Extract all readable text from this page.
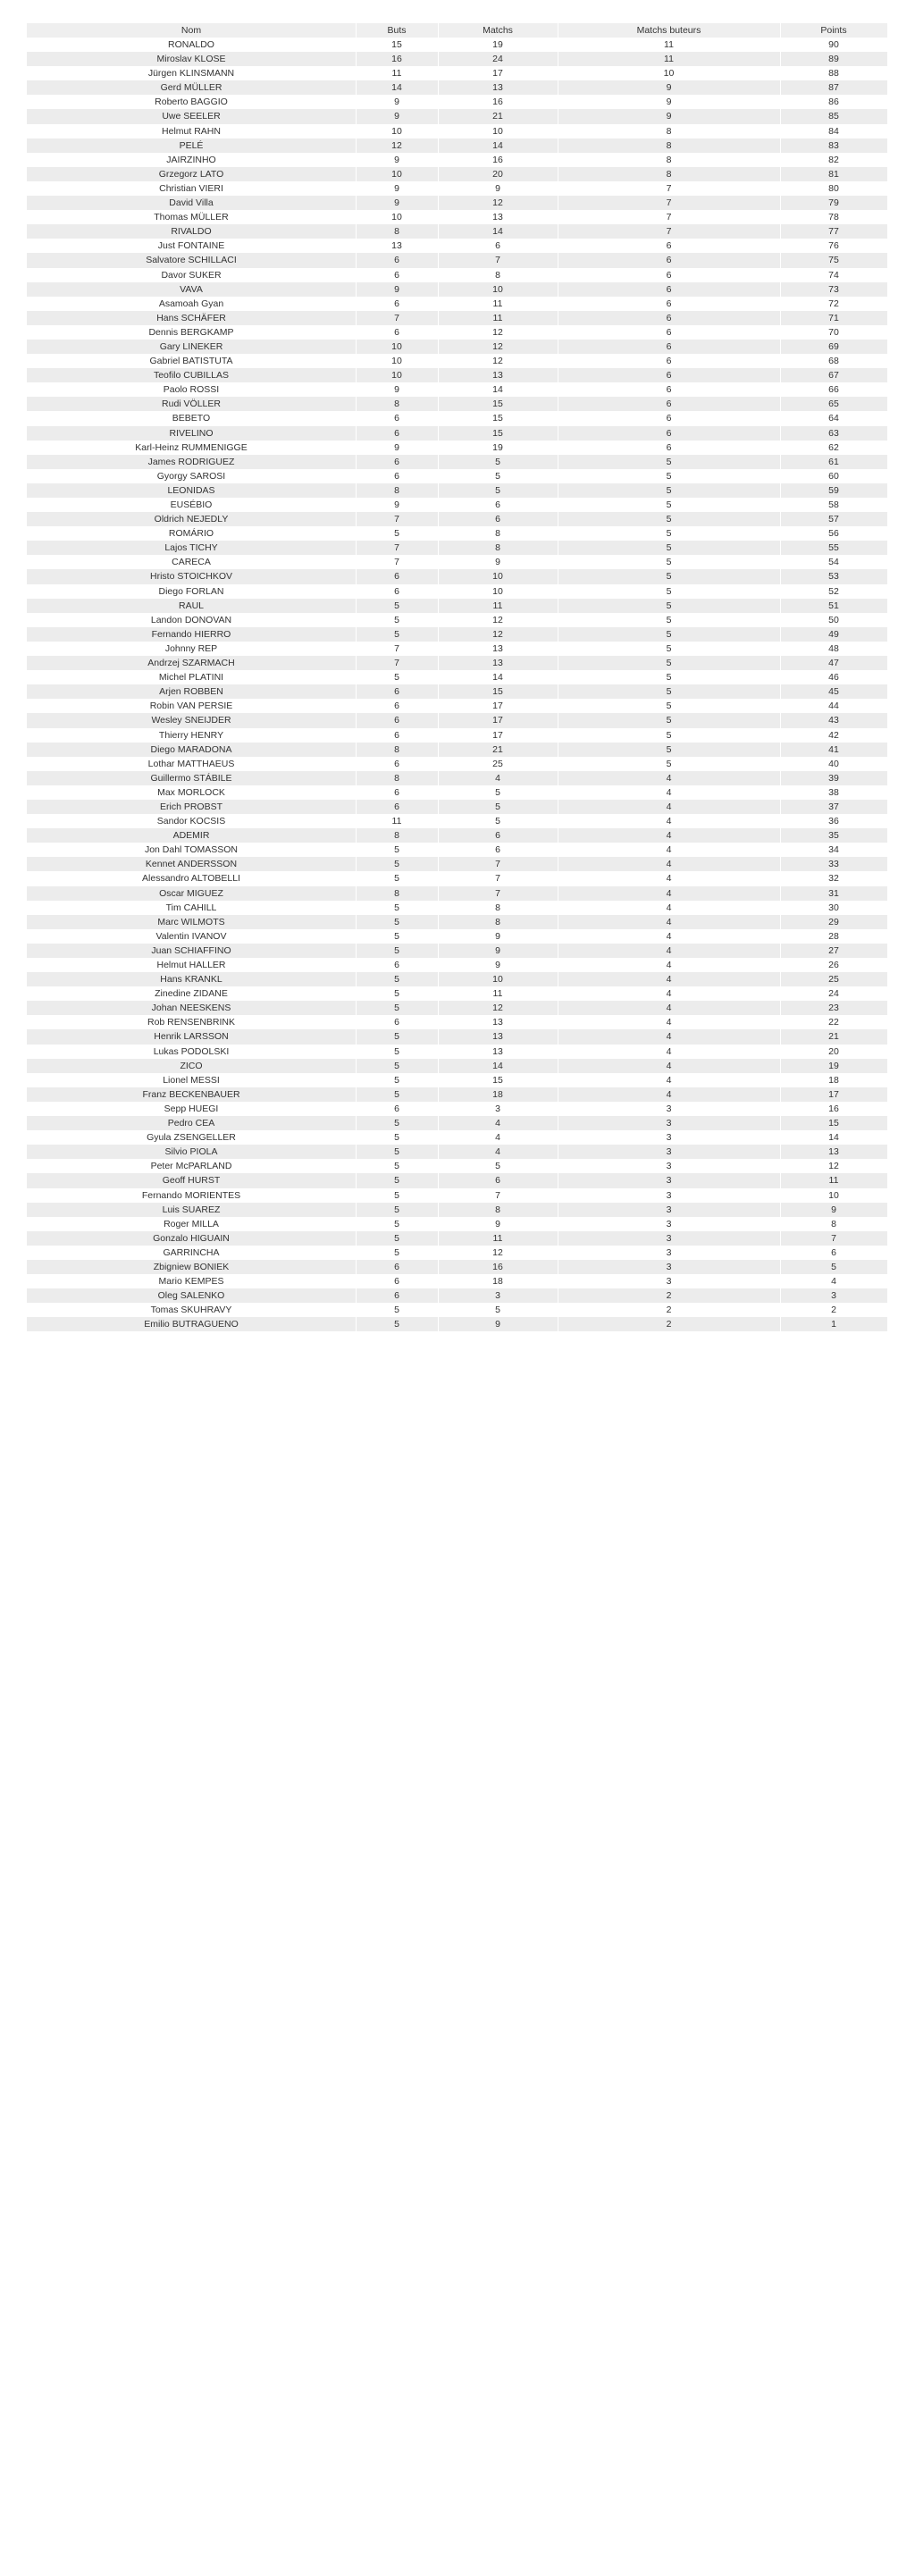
Nom	Buts	Matchs	Matchs buteurs	Points
RONALDO	15	19	11	90
Miroslav KLOSE	16	24	11	89
Jürgen KLINSMANN	11	17	10	88
Gerd MÜLLER	14	13	9	87
Roberto BAGGIO	9	16	9	86
Uwe SEELER	9	21	9	85
Helmut RAHN	10	10	8	84
PELÉ	12	14	8	83
JAIRZINHO	9	16	8	82
Grzegorz LATO	10	20	8	81
Christian VIERI	9	9	7	80
David Villa	9	12	7	79
Thomas MÜLLER	10	13	7	78
RIVALDO	8	14	7	77
Just FONTAINE	13	6	6	76
Salvatore SCHILLACI	6	7	6	75
Davor SUKER	6	8	6	74
VAVA	9	10	6	73
Asamoah Gyan	6	11	6	72
Hans SCHÄFER	7	11	6	71
Dennis BERGKAMP	6	12	6	70
Gary LINEKER	10	12	6	69
Gabriel BATISTUTA	10	12	6	68
Teofilo CUBILLAS	10	13	6	67
Paolo ROSSI	9	14	6	66
Rudi VÖLLER	8	15	6	65
BEBETO	6	15	6	64
RIVELINO	6	15	6	63
Karl-Heinz RUMMENIGGE	9	19	6	62
James RODRIGUEZ	6	5	5	61
Gyorgy SAROSI	6	5	5	60
LEONIDAS	8	5	5	59
EUSÉBIO	9	6	5	58
Oldrich NEJEDLY	7	6	5	57
ROMÁRIO	5	8	5	56
Lajos TICHY	7	8	5	55
CARECA	7	9	5	54
Hristo STOICHKOV	6	10	5	53
Diego FORLAN	6	10	5	52
RAUL	5	11	5	51
Landon DONOVAN	5	12	5	50
Fernando HIERRO	5	12	5	49
Johnny REP	7	13	5	48
Andrzej SZARMACH	7	13	5	47
Michel PLATINI	5	14	5	46
Arjen ROBBEN	6	15	5	45
Robin VAN PERSIE	6	17	5	44
Wesley SNEIJDER	6	17	5	43
Thierry HENRY	6	17	5	42
Diego MARADONA	8	21	5	41
Lothar MATTHAEUS	6	25	5	40
Guillermo STÁBILE	8	4	4	39
Max MORLOCK	6	5	4	38
Erich PROBST	6	5	4	37
Sandor KOCSIS	11	5	4	36
ADEMIR	8	6	4	35
Jon Dahl TOMASSON	5	6	4	34
Kennet ANDERSSON	5	7	4	33
Alessandro ALTOBELLI	5	7	4	32
Oscar MIGUEZ	8	7	4	31
Tim CAHILL	5	8	4	30
Marc WILMOTS	5	8	4	29
Valentin IVANOV	5	9	4	28
Juan SCHIAFFINO	5	9	4	27
Helmut HALLER	6	9	4	26
Hans KRANKL	5	10	4	25
Zinedine ZIDANE	5	11	4	24
Johan NEESKENS	5	12	4	23
Rob RENSENBRINK	6	13	4	22
Henrik LARSSON	5	13	4	21
Lukas PODOLSKI	5	13	4	20
ZICO	5	14	4	19
Lionel MESSI	5	15	4	18
Franz BECKENBAUER	5	18	4	17
Sepp HUEGI	6	3	3	16
Pedro CEA	5	4	3	15
Gyula ZSENGELLER	5	4	3	14
Silvio PIOLA	5	4	3	13
Peter McPARLAND	5	5	3	12
Geoff HURST	5	6	3	11
Fernando MORIENTES	5	7	3	10
Luis SUAREZ	5	8	3	9
Roger MILLA	5	9	3	8
Gonzalo HIGUAIN	5	11	3	7
GARRINCHA	5	12	3	6
Zbigniew BONIEK	6	16	3	5
Mario KEMPES	6	18	3	4
Oleg SALENKO	6	3	2	3
Tomas SKUHRAVY	5	5	2	2
Emilio BUTRAGUENO	5	9	2	1
